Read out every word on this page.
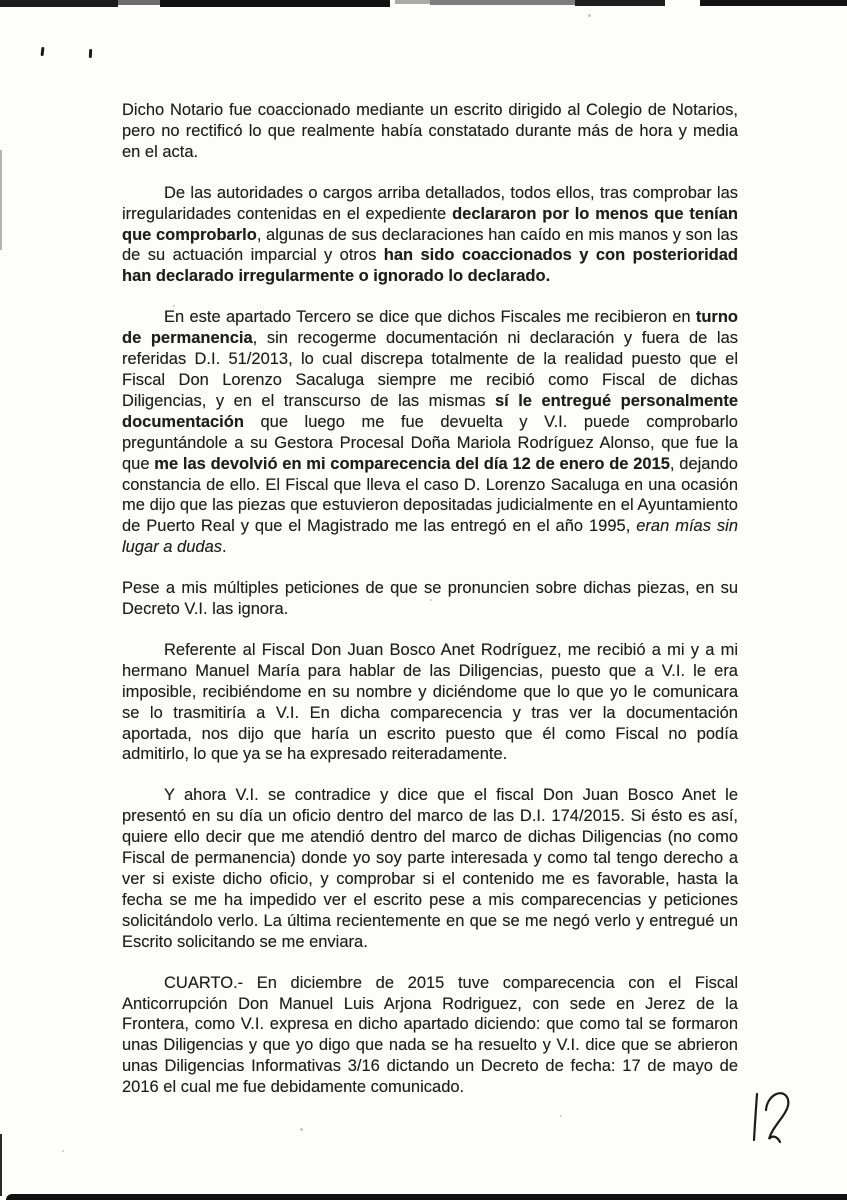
Dicho Notario fue coaccionado mediante un escrito dirigido al Colegio de Notarios, pero no rectificó lo que realmente había constatado durante más de hora y media en el acta.

De las autoridades o cargos arriba detallados, todos ellos, tras comprobar las irregularidades contenidas en el expediente declararon por lo menos que tenían que comprobarlo, algunas de sus declaraciones han caído en mis manos y son las de su actuación imparcial y otros han sido coaccionados y con posterioridad han declarado irregularmente o ignorado lo declarado.

En este apartado Tercero se dice que dichos Fiscales me recibieron en turno de permanencia, sin recogerme documentación ni declaración y fuera de las referidas D.I. 51/2013, lo cual discrepa totalmente de la realidad puesto que el Fiscal Don Lorenzo Sacaluga siempre me recibió como Fiscal de dichas Diligencias, y en el transcurso de las mismas sí le entregué personalmente documentación que luego me fue devuelta y V.I. puede comprobarlo preguntándole a su Gestora Procesal Doña Mariola Rodríguez Alonso, que fue la que me las devolvió en mi comparecencia del día 12 de enero de 2015, dejando constancia de ello. El Fiscal que lleva el caso D. Lorenzo Sacaluga en una ocasión me dijo que las piezas que estuvieron depositadas judicialmente en el Ayuntamiento de Puerto Real y que el Magistrado me las entregó en el año 1995, eran mías sin lugar a dudas.

Pese a mis múltiples peticiones de que se pronuncien sobre dichas piezas, en su Decreto V.I. las ignora.

Referente al Fiscal Don Juan Bosco Anet Rodríguez, me recibió a mi y a mi hermano Manuel María para hablar de las Diligencias, puesto que a V.I. le era imposible, recibiéndome en su nombre y diciéndome que lo que yo le comunicara se lo trasmitiría a V.I. En dicha comparecencia y tras ver la documentación aportada, nos dijo que haría un escrito puesto que él como Fiscal no podía admitirlo, lo que ya se ha expresado reiteradamente.

Y ahora V.I. se contradice y dice que el fiscal Don Juan Bosco Anet le presentó en su día un oficio dentro del marco de las D.I. 174/2015. Si ésto es así, quiere ello decir que me atendió dentro del marco de dichas Diligencias (no como Fiscal de permanencia) donde yo soy parte interesada y como tal tengo derecho a ver si existe dicho oficio, y comprobar si el contenido me es favorable, hasta la fecha se me ha impedido ver el escrito pese a mis comparecencias y peticiones solicitándolo verlo. La última recientemente en que se me negó verlo y entregué un Escrito solicitando se me enviara.

CUARTO.- En diciembre de 2015 tuve comparecencia con el Fiscal Anticorrupción Don Manuel Luis Arjona Rodriguez, con sede en Jerez de la Frontera, como V.I. expresa en dicho apartado diciendo: que como tal se formaron unas Diligencias y que yo digo que nada se ha resuelto y V.I. dice que se abrieron unas Diligencias Informativas 3/16 dictando un Decreto de fecha: 17 de mayo de 2016 el cual me fue debidamente comunicado.
